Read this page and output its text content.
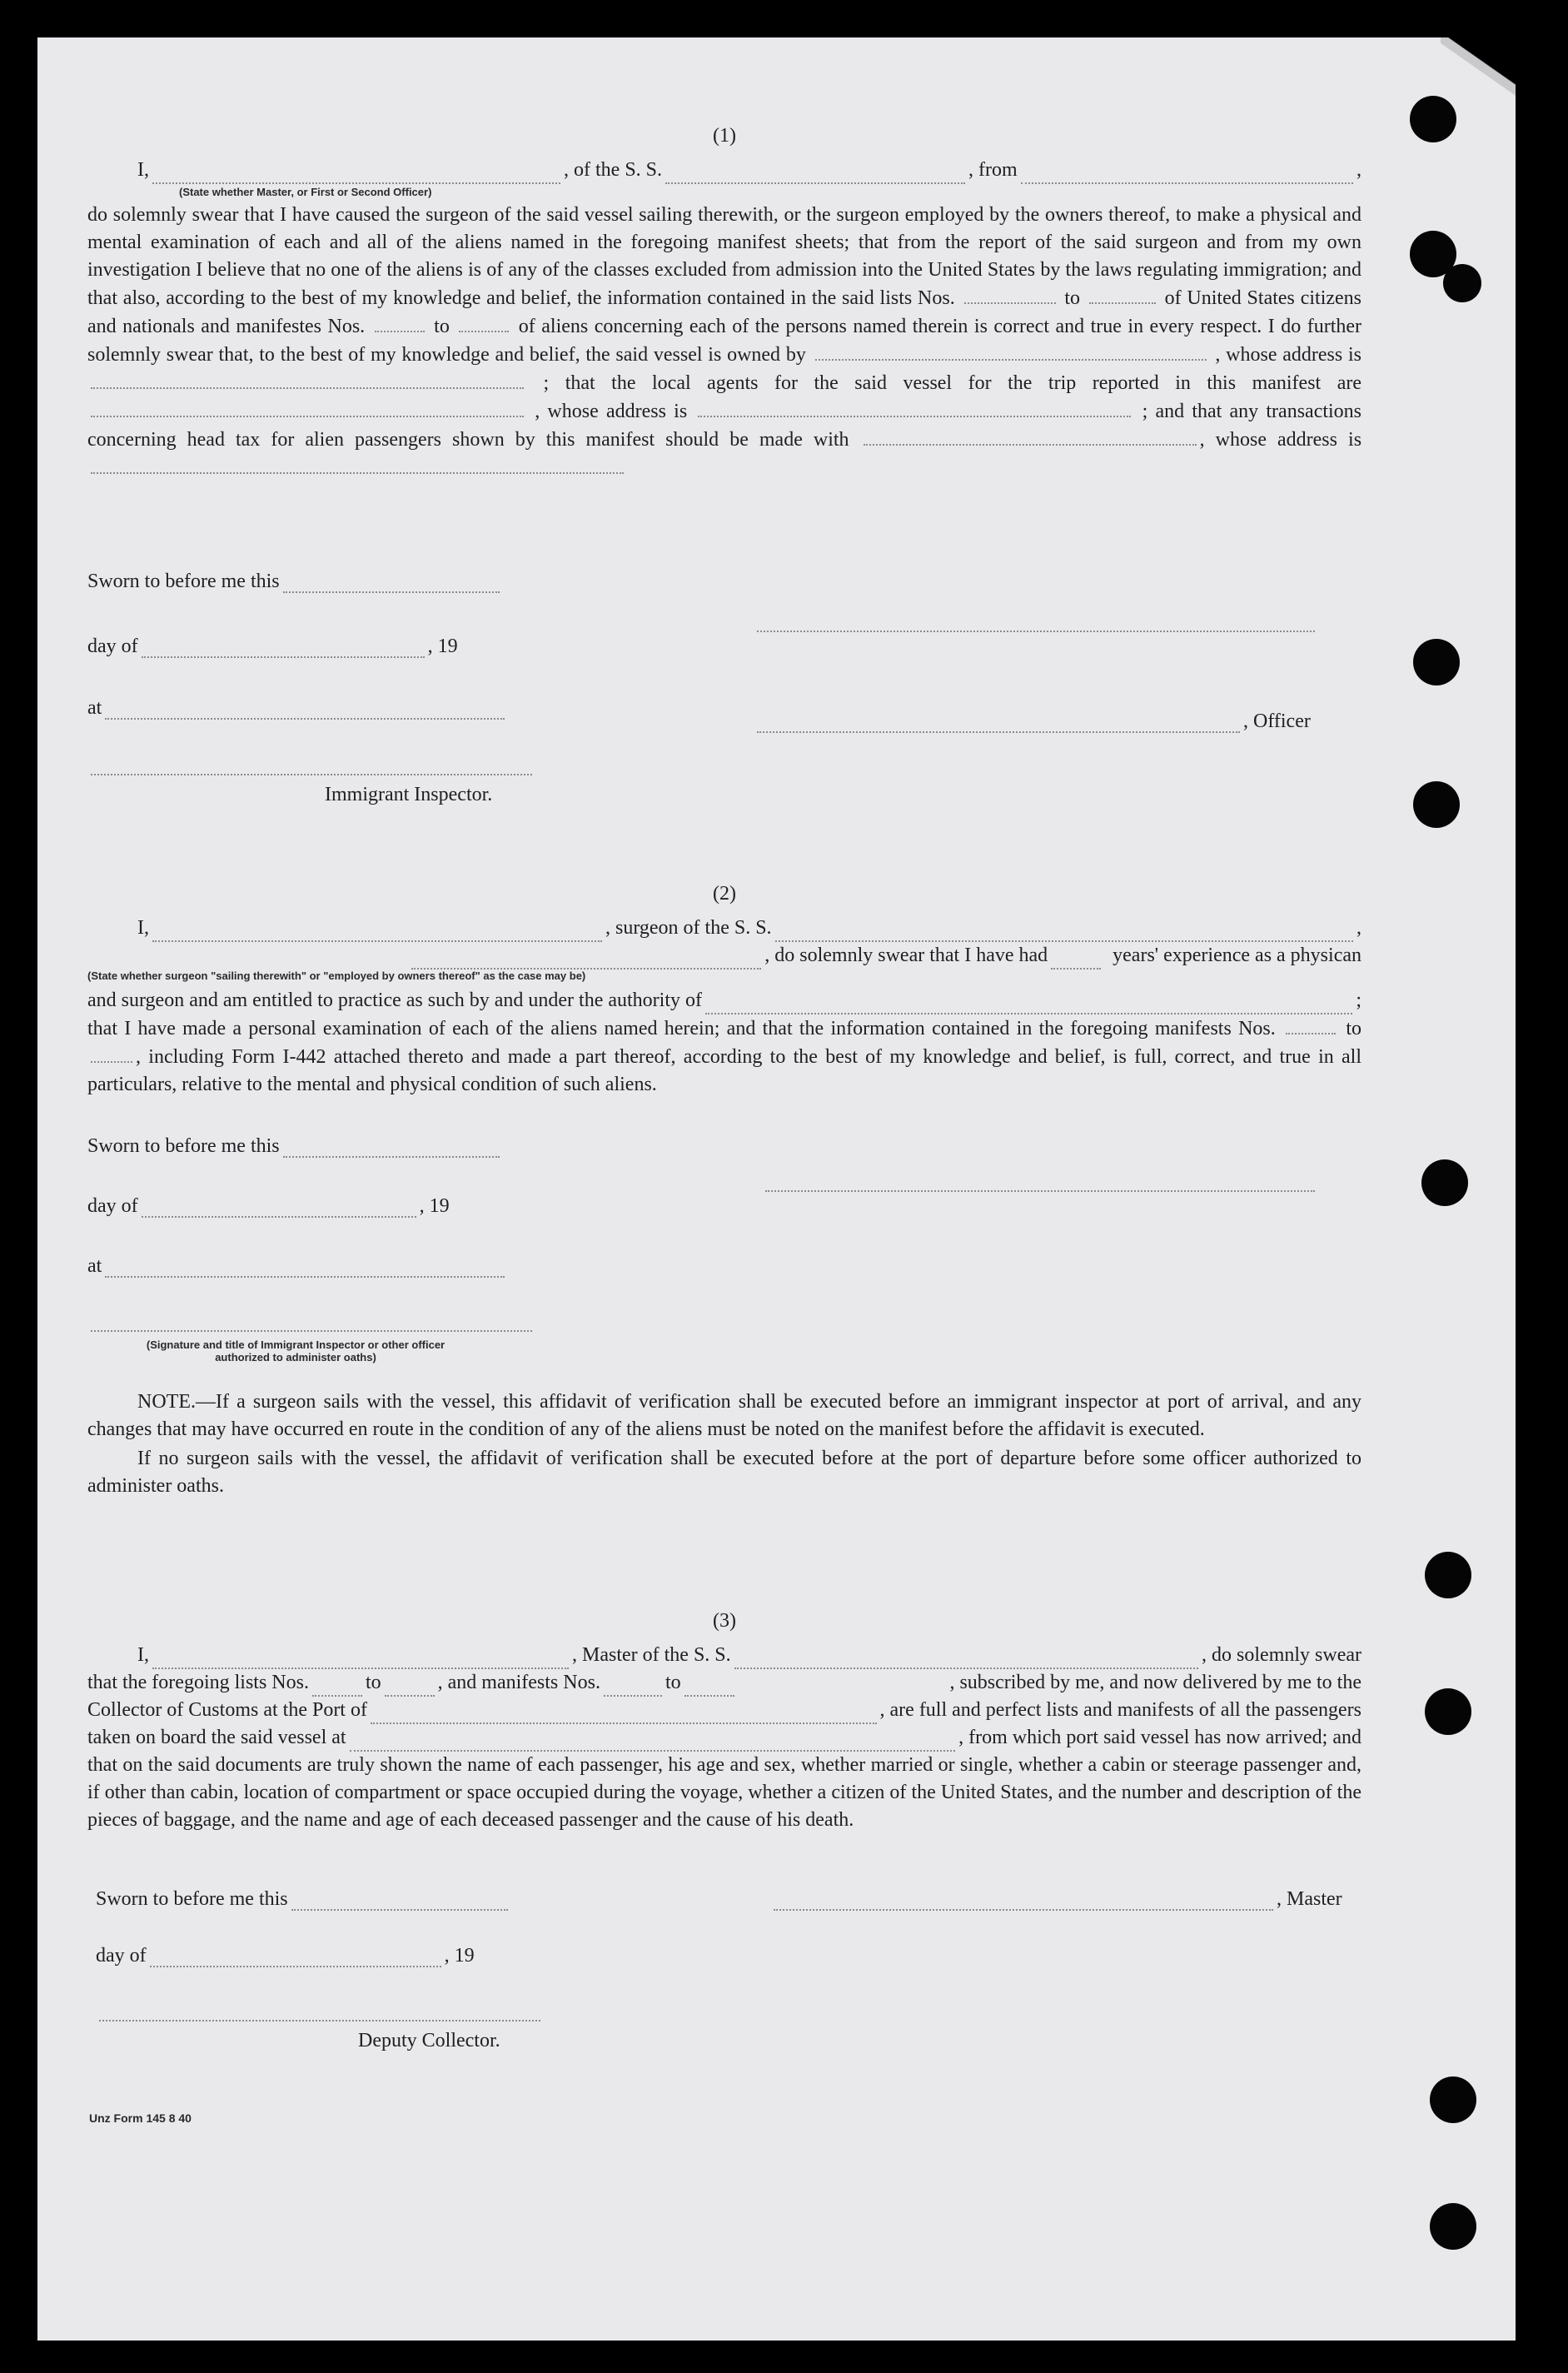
(1)

I,	, of the S. S.	, from	,
(State whether Master, or First or Second Officer)

do solemnly swear that I have caused the surgeon of the said vessel sailing therewith, or the surgeon employed by the owners thereof, to make a physical and mental examination of each and all of the aliens named in the foregoing manifest sheets; that from the report of the said surgeon and from my own investigation I believe that no one of the aliens is of any of the classes excluded from admission into the United States by the laws regulating immigration; and that also, according to the best of my knowledge and belief, the information contained in the said lists Nos.	to	of United States citizens and nationals and manifestes Nos.	to	of aliens concerning each of the persons named therein is correct and true in every respect. I do further solemnly swear that, to the best of my knowledge and belief, the said vessel is owned by	, whose address is  ; that the local agents for the said vessel for the trip reported in this manifest are  , whose address is	; and that any transactions concerning head tax for alien passengers shown by this manifest should be made with	, whose address is

Sworn to before me this
day of	, 19
at
, Officer
Immigrant Inspector.

(2)

I,	, surgeon of the S. S.	,
, do solemnly swear that I have had	years' experience as a physican
(State whether surgeon "sailing therewith" or "employed by owners thereof" as the case may be)
and surgeon and am entitled to practice as such by and under the authority of	;

that I have made a personal examination of each of the aliens named herein; and that the information contained in the foregoing manifests Nos.	to , including Form I-442 attached thereto and made a part thereof, according to the best of my knowledge and belief, is full, correct, and true in all particulars, relative to the mental and physical condition of such aliens.

Sworn to before me this
day of	, 19
at
(Signature and title of Immigrant Inspector or other officer authorized to administer oaths)

NOTE.—If a surgeon sails with the vessel, this affidavit of verification shall be executed before an immigrant inspector at port of arrival, and any changes that may have occurred en route in the condition of any of the aliens must be noted on the manifest before the affidavit is executed.

If no surgeon sails with the vessel, the affidavit of verification shall be executed before at the port of departure before some officer authorized to administer oaths.

(3)

I,	, Master of the S. S.	, do solemnly swear
that the foregoing lists Nos.	to	, and manifests Nos.	to	, subscribed by me, and now delivered by me to the
Collector of Customs at the Port of	, are full and perfect lists and manifests of all the passengers
taken on board the said vessel at	, from which port said vessel has now arrived; and

that on the said documents are truly shown the name of each passenger, his age and sex, whether married or single, whether a cabin or steerage passenger and, if other than cabin, location of compartment or space occupied during the voyage, whether a citizen of the United States, and the number and description of the pieces of baggage, and the name and age of each deceased passenger and the cause of his death.

Sworn to before me this	, Master
day of	, 19
Deputy Collector.
Unz Form 145 8 40
